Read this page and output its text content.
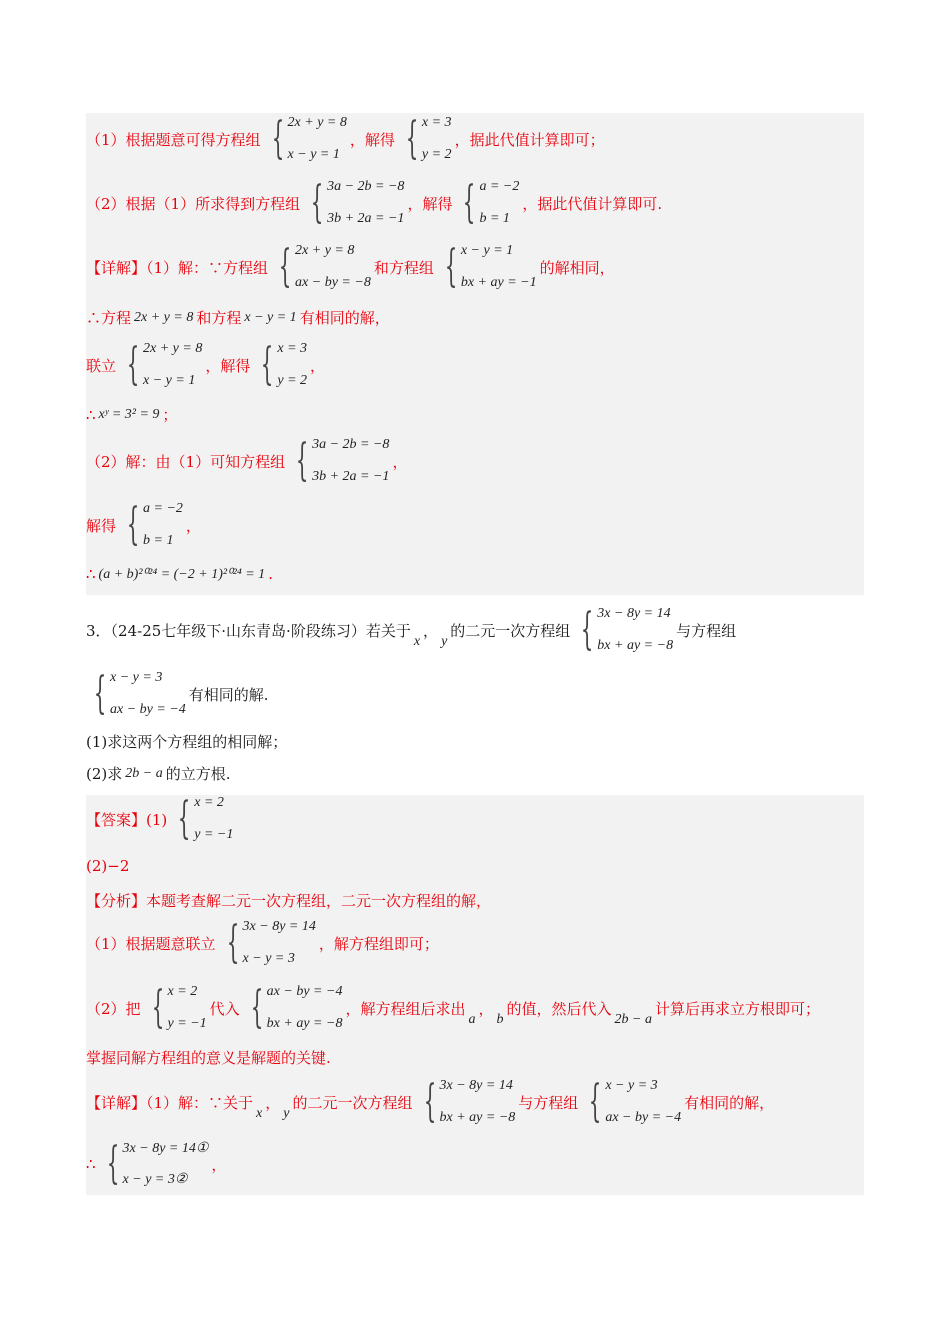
（1）根据题意可得方程组 { 2x + y = 8
x − y = 1
，解得 { x = 3
y = 2
，据此代值计算即可；
（2）根据（1）所求得到方程组 { 3a − 2b = −8
3b + 2a = −1
，解得 { a = −2
b = 1
，据此代值计算即可.
【详解】（1）解：∵方程组 { 2x + y = 8
ax − by = −8
和方程组 { x − y = 1
bx + ay = −1
的解相同，
∴方程 2x + y = 8 和方程 x − y = 1 有相同的解，
联立 { 2x + y = 8
x − y = 1
，解得 { x = 3
y = 2
，
∴ xʸ = 3² = 9 ；
（2）解：由（1）可知方程组 { 3a − 2b = −8
3b + 2a = −1
，
解得 { a = −2
b = 1
，
∴ (a + b)²⁰²⁴ = (−2 + 1)²⁰²⁴ = 1 .
3．（24-25七年级下·山东青岛·阶段练习）若关于
x
，
y
的二元一次方程组 { 3x − 8y = 14
bx + ay = −8
与方程组
{ x − y = 3
ax − by = −4
有相同的解.
(1)求这两个方程组的相同解；
(2)求 2b − a 的立方根.
【答案】(1) { x = 2
y = −1
(2)−2
【分析】本题考查解二元一次方程组，二元一次方程组的解，
（1）根据题意联立 { 3x − 8y = 14
x − y = 3
，解方程组即可；
（2）把 { x = 2
y = −1
代入 { ax − by = −4
bx + ay = −8
，解方程组后求出
a
，
b
的值，然后代入
2b − a
计算后再求立方根即可；
掌握同解方程组的意义是解题的关键.
【详解】（1）解：∵关于
x
，
y
的二元一次方程组 { 3x − 8y = 14
bx + ay = −8
与方程组 { x − y = 3
ax − by = −4
有相同的解，
∴ { 3x − 8y = 14①
x − y = 3②
，
